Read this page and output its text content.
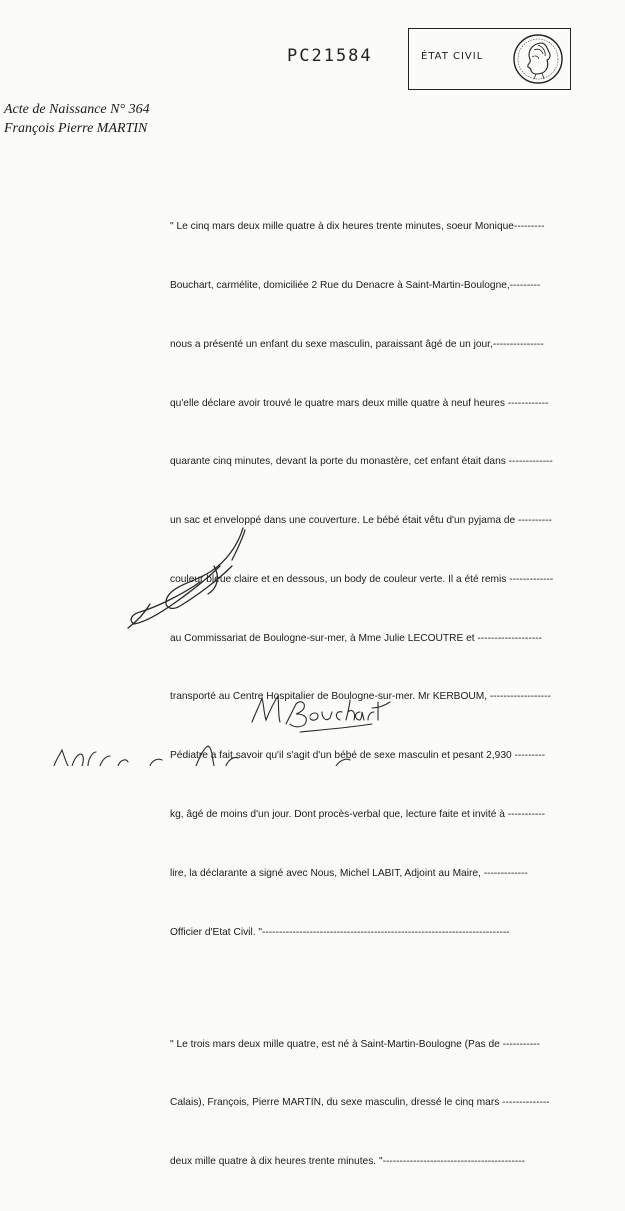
PC21584	ÉTAT CIVIL
Acte de Naissance N° 364
François Pierre MARTIN

" Le cinq mars deux mille quatre à dix heures trente minutes, soeur Monique---------

Bouchart, carmélite, domiciliée 2 Rue du Denacre à Saint-Martin-Boulogne,---------

nous a présenté un enfant du sexe masculin, paraissant âgé de un jour,---------------

qu'elle déclare avoir trouvé le quatre mars deux mille quatre à neuf heures ------------

quarante cinq minutes, devant la porte du monastère, cet enfant était dans -------------

un sac et enveloppé dans une couverture. Le bébé était vêtu d'un pyjama de ----------

couleur bleue claire et en dessous, un body de couleur verte. Il a été remis -------------

au Commissariat de Boulogne-sur-mer, à Mme Julie LECOUTRE et -------------------

transporté au Centre Hospitalier de Boulogne-sur-mer. Mr KERBOUM, ------------------

Pédiatre a fait savoir qu'il s'agit d'un bébé de sexe masculin et pesant 2,930 ---------

kg, âgé de moins d'un jour. Dont procès-verbal que, lecture faite et invité à -----------

lire, la déclarante a signé avec Nous, Michel LABIT, Adjoint au Maire, -------------

Officier d'Etat Civil. "-------------------------------------------------------------------------

" Le trois mars deux mille quatre, est né à Saint-Martin-Boulogne (Pas de -----------

Calais), François, Pierre MARTIN, du sexe masculin, dressé le cinq mars --------------

deux mille quatre à dix heures trente minutes. "------------------------------------------
